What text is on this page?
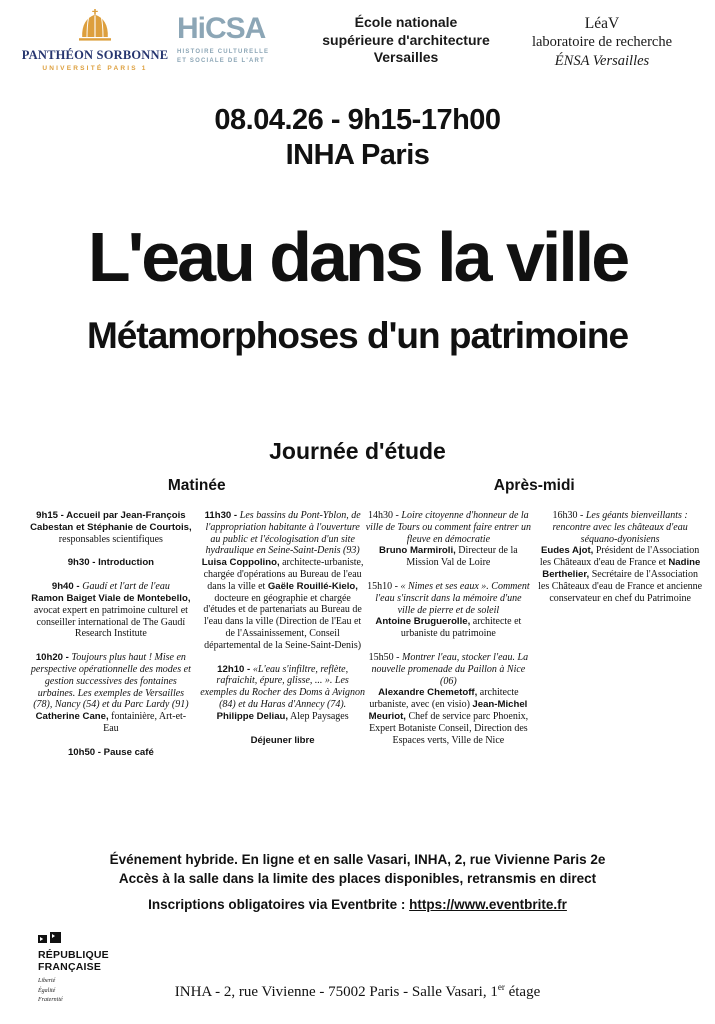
PANTHÉON SORBONNE
UNIVERSITÉ PARIS 1
HiCSA
HISTOIRE CULTURELLE
ET SOCIALE DE L'ART
École nationale
supérieure d'architecture
Versailles
LéaV
laboratoire de recherche
ÉNSA Versailles
08.04.26 - 9h15-17h00
INHA Paris
L'eau dans la ville
Métamorphoses d'un patrimoine
Journée d'étude
Matinée
9h15 - Accueil par Jean-François Cabestan et Stéphanie de Courtois, responsables scientifiques
9h30 - Introduction
9h40 - Gaudí et l'art de l'eau
Ramon Baiget Viale de Montebello, avocat expert en patrimoine culturel et conseiller international de The Gaudí Research Institute
10h20 - Toujours plus haut ! Mise en perspective opérationnelle des modes et gestion successives des fontaines urbaines. Les exemples de Versailles (78), Nancy (54) et du Parc Lardy (91)
Catherine Cane, fontainière, Art-et-Eau
10h50 - Pause café
11h30 - Les bassins du Pont-Yblon, de l'appropriation habitante à l'ouverture au public et l'écologisation d'un site hydraulique en Seine-Saint-Denis (93)
Luisa Coppolino, architecte-urbaniste, chargée d'opérations au Bureau de l'eau dans la ville et Gaële Rouillé-Kielo, docteure en géographie et chargée d'études et de partenariats au Bureau de l'eau dans la ville (Direction de l'Eau et de l'Assainissement, Conseil départemental de la Seine-Saint-Denis)
12h10 - «L'eau s'infiltre, reflète, rafraichit, épure, glisse, ... ». Les exemples du Rocher des Doms à Avignon (84) et du Haras d'Annecy (74).
Philippe Deliau, Alep Paysages
Déjeuner libre
Après-midi
14h30 - Loire citoyenne d'honneur de la ville de Tours ou comment faire entrer un fleuve en démocratie
Bruno Marmiroli, Directeur de la Mission Val de Loire
15h10 - « Nimes et ses eaux ». Comment l'eau s'inscrit dans la mémoire d'une ville de pierre et de soleil
Antoine Bruguerolle, architecte et urbaniste du patrimoine
15h50 - Montrer l'eau, stocker l'eau. La nouvelle promenade du Paillon à Nice (06)
Alexandre Chemetoff, architecte urbaniste, avec (en visio) Jean-Michel Meuriot, Chef de service parc Phoenix, Expert Botaniste Conseil, Direction des Espaces verts, Ville de Nice
16h30 - Les géants bienveillants : rencontre avec les châteaux d'eau séquano-dyonisiens
Eudes Ajot, Président de l'Association les Châteaux d'eau de France et Nadine Berthelier, Secrétaire de l'Association les Châteaux d'eau de France et ancienne conservateur en chef du Patrimoine
Événement hybride. En ligne et en salle Vasari, INHA, 2, rue Vivienne Paris 2e
Accès à la salle dans la limite des places disponibles, retransmis en direct
Inscriptions obligatoires via Eventbrite : https://www.eventbrite.fr
RÉPUBLIQUE
FRANÇAISE
Liberté
Égalité
Fraternité
INHA - 2, rue Vivienne - 75002 Paris - Salle Vasari, 1er étage
